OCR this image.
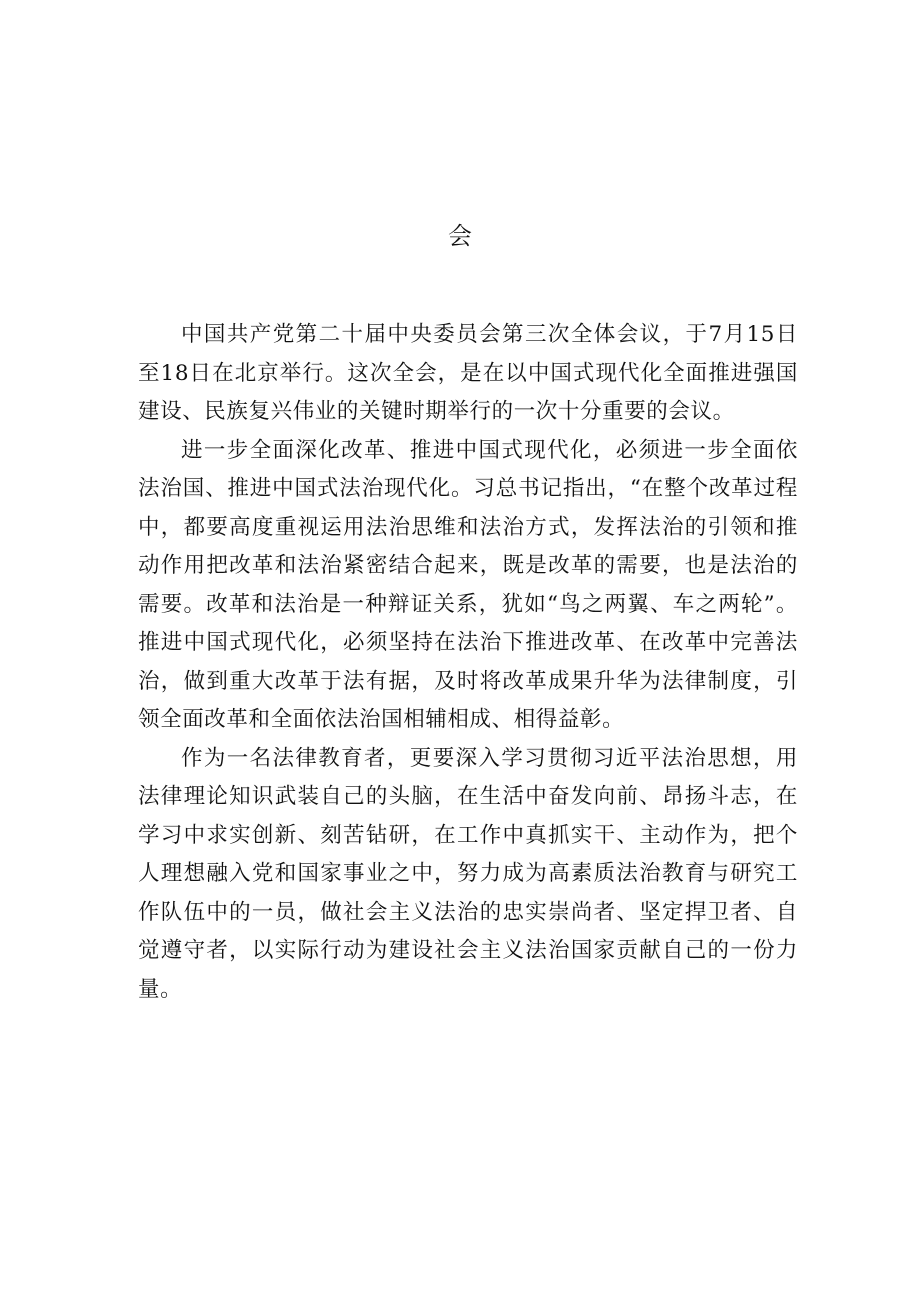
会

中国共产党第二十届中央委员会第三次全体会议，于7月15日至18日在北京举行。这次全会，是在以中国式现代化全面推进强国建设、民族复兴伟业的关键时期举行的一次十分重要的会议。

进一步全面深化改革、推进中国式现代化，必须进一步全面依法治国、推进中国式法治现代化。习总书记指出，“在整个改革过程中，都要高度重视运用法治思维和法治方式，发挥法治的引领和推动作用把改革和法治紧密结合起来，既是改革的需要，也是法治的需要。改革和法治是一种辩证关系，犹如“鸟之两翼、车之两轮”。推进中国式现代化，必须坚持在法治下推进改革、在改革中完善法治，做到重大改革于法有据，及时将改革成果升华为法律制度，引领全面改革和全面依法治国相辅相成、相得益彰。

作为一名法律教育者，更要深入学习贯彻习近平法治思想，用法律理论知识武装自己的头脑，在生活中奋发向前、昂扬斗志，在学习中求实创新、刻苦钻研，在工作中真抓实干、主动作为，把个人理想融入党和国家事业之中，努力成为高素质法治教育与研究工作队伍中的一员，做社会主义法治的忠实崇尚者、坚定捍卫者、自觉遵守者，以实际行动为建设社会主义法治国家贡献自己的一份力量。
